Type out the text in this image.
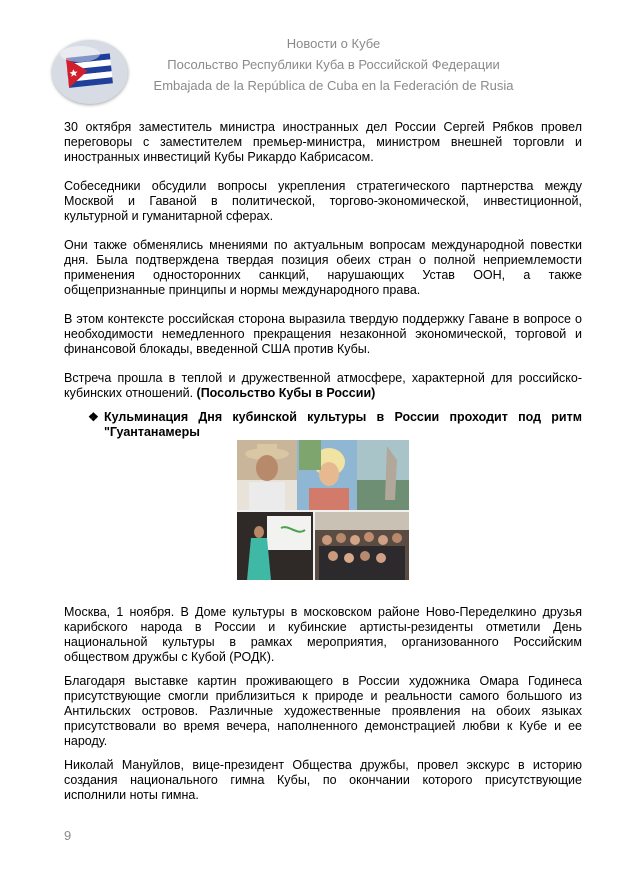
Новости о Кубе
Посольство Республики Куба в Российской Федерации
Embajada de la República de Cuba en la Federación de Rusia

30 октября заместитель министра иностранных дел России Сергей Рябков провел переговоры с заместителем премьер-министра, министром внешней торговли и иностранных инвестиций Кубы Рикардо Кабрисасом.

Собеседники обсудили вопросы укрепления стратегического партнерства между Москвой и Гаваной в политической, торгово-экономической, инвестиционной, культурной и гуманитарной сферах.

Они также обменялись мнениями по актуальным вопросам международной повестки дня. Была подтверждена твердая позиция обеих стран о полной неприемлемости применения односторонних санкций, нарушающих Устав ООН, а также общепризнанные принципы и нормы международного права.

В этом контексте российская сторона выразила твердую поддержку Гаване в вопросе о необходимости немедленного прекращения незаконной экономической, торговой и финансовой блокады, введенной США против Кубы.

Встреча прошла в теплой и дружественной атмосфере, характерной для российско-кубинских отношений. (Посольство Кубы в России)

❖ Кульминация Дня кубинской культуры в России проходит под ритм "Гуантанамеры

Москва, 1 ноября. В Доме культуры в московском районе Ново-Переделкино друзья карибского народа в России и кубинские артисты-резиденты отметили День национальной культуры в рамках мероприятия, организованного Российским обществом дружбы с Кубой (РОДК).

Благодаря выставке картин проживающего в России художника Омара Годинеса присутствующие смогли приблизиться к природе и реальности самого большого из Антильских островов. Различные художественные проявления на обоих языках присутствовали во время вечера, наполненного демонстрацией любви к Кубе и ее народу.

Николай Мануйлов, вице-президент Общества дружбы, провел экскурс в историю создания национального гимна Кубы, по окончании которого присутствующие исполнили ноты гимна.

9
